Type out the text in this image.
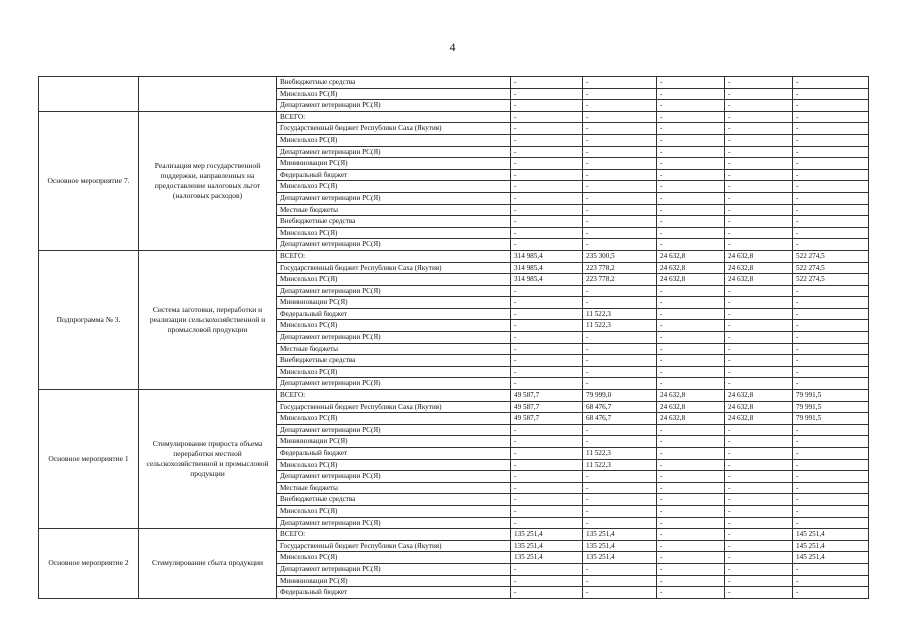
4
		Внебюджетные средства	-	-	-	-	-
		Минсельхоз РС(Я)	-	-	-	-	-
		Департамент ветеринарии РС(Я)	-	-	-	-	-
Основное мероприятие 7.	Реализация мер государственной поддержки, направленных на предоставление налоговых льгот (налоговых расходов)	ВСЕГО:	-	-	-	-	-
		Государственный бюджет Республики Саха (Якутия)	-	-	-	-	-
		Минсельхоз РС(Я)	-	-	-	-	-
		Департамент ветеринарии РС(Я)	-	-	-	-	-
		Мининновации РС(Я)	-	-	-	-	-
		Федеральный бюджет	-	-	-	-	-
		Минсельхоз РС(Я)	-	-	-	-	-
		Департамент ветеринарии РС(Я)	-	-	-	-	-
		Местные бюджеты	-	-	-	-	-
		Внебюджетные средства	-	-	-	-	-
		Минсельхоз РС(Я)	-	-	-	-	-
		Департамент ветеринарии РС(Я)	-	-	-	-	-
Подпрограмма № 3.	Система заготовки, переработки и реализации сельскохозяйственной и промысловой продукции	ВСЕГО:	314 985,4	235 300,5	24 632,8	24 632,8	522 274,5
		Государственный бюджет Республики Саха (Якутия)	314 985,4	223 778,2	24 632,8	24 632,8	522 274,5
		Минсельхоз РС(Я)	314 985,4	223 778,2	24 632,8	24 632,8	522 274,5
		Департамент ветеринарии РС(Я)	-	-	-	-	-
		Мининновации РС(Я)	-	-	-	-	-
		Федеральный бюджет	-	11 522,3	-	-	-
		Минсельхоз РС(Я)	-	11 522,3	-	-	-
		Департамент ветеринарии РС(Я)	-	-	-	-	-
		Местные бюджеты	-	-	-	-	-
		Внебюджетные средства	-	-	-	-	-
		Минсельхоз РС(Я)	-	-	-	-	-
		Департамент ветеринарии РС(Я)	-	-	-	-	-
Основное мероприятие 1	Стимулирование прироста объема переработки местной сельскохозяйственной и промысловой продукции	ВСЕГО:	49 587,7	79 999,0	24 632,8	24 632,8	79 991,5
		Государственный бюджет Республики Саха (Якутия)	49 587,7	68 476,7	24 632,8	24 632,8	79 991,5
		Минсельхоз РС(Я)	49 587,7	68 476,7	24 632,8	24 632,8	79 991,5
		Департамент ветеринарии РС(Я)	-	-	-	-	-
		Мининновации РС(Я)	-	-	-	-	-
		Федеральный бюджет	-	11 522,3	-	-	-
		Минсельхоз РС(Я)	-	11 522,3	-	-	-
		Департамент ветеринарии РС(Я)	-	-	-	-	-
		Местные бюджеты	-	-	-	-	-
		Внебюджетные средства	-	-	-	-	-
		Минсельхоз РС(Я)	-	-	-	-	-
		Департамент ветеринарии РС(Я)	-	-	-	-	-
Основное мероприятие 2	Стимулирование сбыта продукции	ВСЕГО:	135 251,4	135 251,4	-	-	145 251,4
		Государственный бюджет Республики Саха (Якутия)	135 251,4	135 251,4	-	-	145 251,4
		Минсельхоз РС(Я)	135 251,4	135 251,4	-	-	145 251,4
		Департамент ветеринарии РС(Я)	-	-	-	-	-
		Мининновации РС(Я)	-	-	-	-	-
		Федеральный бюджет	-	-	-	-	-
